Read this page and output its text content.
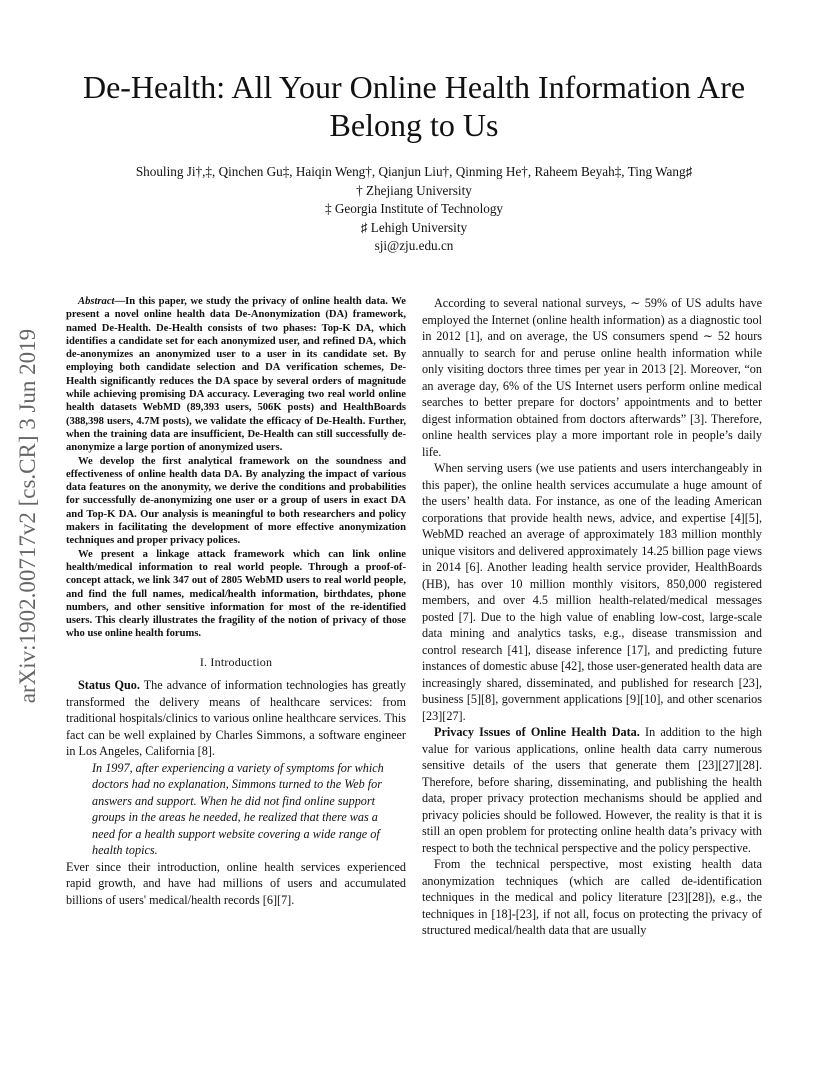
De-Health: All Your Online Health Information Are Belong to Us
Shouling Ji†,‡, Qinchen Gu‡, Haiqin Weng†, Qianjun Liu†, Qinming He†, Raheem Beyah‡, Ting Wang♯
† Zhejiang University
‡ Georgia Institute of Technology
♯ Lehigh University
sji@zju.edu.cn
arXiv:1902.00717v2 [cs.CR] 3 Jun 2019

Abstract—In this paper, we study the privacy of online health data. We present a novel online health data De-Anonymization (DA) framework, named De-Health. De-Health consists of two phases: Top-K DA, which identifies a candidate set for each anonymized user, and refined DA, which de-anonymizes an anonymized user to a user in its candidate set. By employing both candidate selection and DA verification schemes, De-Health significantly reduces the DA space by several orders of magnitude while achieving promising DA accuracy. Leveraging two real world online health datasets WebMD (89,393 users, 506K posts) and HealthBoards (388,398 users, 4.7M posts), we validate the efficacy of De-Health. Further, when the training data are insufficient, De-Health can still successfully de-anonymize a large portion of anonymized users.

We develop the first analytical framework on the soundness and effectiveness of online health data DA. By analyzing the impact of various data features on the anonymity, we derive the conditions and probabilities for successfully de-anonymizing one user or a group of users in exact DA and Top-K DA. Our analysis is meaningful to both researchers and policy makers in facilitating the development of more effective anonymization techniques and proper privacy polices.

We present a linkage attack framework which can link online health/medical information to real world people. Through a proof-of-concept attack, we link 347 out of 2805 WebMD users to real world people, and find the full names, medical/health information, birthdates, phone numbers, and other sensitive information for most of the re-identified users. This clearly illustrates the fragility of the notion of privacy of those who use online health forums.

I. Introduction

Status Quo. The advance of information technologies has greatly transformed the delivery means of healthcare services: from traditional hospitals/clinics to various online healthcare services. This fact can be well explained by Charles Simmons, a software engineer in Los Angeles, California [8].

In 1997, after experiencing a variety of symptoms for which doctors had no explanation, Simmons turned to the Web for answers and support. When he did not find online support groups in the areas he needed, he realized that there was a need for a health support website covering a wide range of health topics.

Ever since their introduction, online health services experienced rapid growth, and have had millions of users and accumulated billions of users' medical/health records [6][7].

According to several national surveys, ∼ 59% of US adults have employed the Internet (online health information) as a diagnostic tool in 2012 [1], and on average, the US consumers spend ∼ 52 hours annually to search for and peruse online health information while only visiting doctors three times per year in 2013 [2]. Moreover, “on an average day, 6% of the US Internet users perform online medical searches to better prepare for doctors’ appointments and to better digest information obtained from doctors afterwards” [3]. Therefore, online health services play a more important role in people’s daily life.

When serving users (we use patients and users interchangeably in this paper), the online health services accumulate a huge amount of the users’ health data. For instance, as one of the leading American corporations that provide health news, advice, and expertise [4][5], WebMD reached an average of approximately 183 million monthly unique visitors and delivered approximately 14.25 billion page views in 2014 [6]. Another leading health service provider, HealthBoards (HB), has over 10 million monthly visitors, 850,000 registered members, and over 4.5 million health-related/medical messages posted [7]. Due to the high value of enabling low-cost, large-scale data mining and analytics tasks, e.g., disease transmission and control research [41], disease inference [17], and predicting future instances of domestic abuse [42], those user-generated health data are increasingly shared, disseminated, and published for research [23], business [5][8], government applications [9][10], and other scenarios [23][27].

Privacy Issues of Online Health Data. In addition to the high value for various applications, online health data carry numerous sensitive details of the users that generate them [23][27][28]. Therefore, before sharing, disseminating, and publishing the health data, proper privacy protection mechanisms should be applied and privacy policies should be followed. However, the reality is that it is still an open problem for protecting online health data’s privacy with respect to both the technical perspective and the policy perspective.

From the technical perspective, most existing health data anonymization techniques (which are called de-identification techniques in the medical and policy literature [23][28]), e.g., the techniques in [18]-[23], if not all, focus on protecting the privacy of structured medical/health data that are usually
